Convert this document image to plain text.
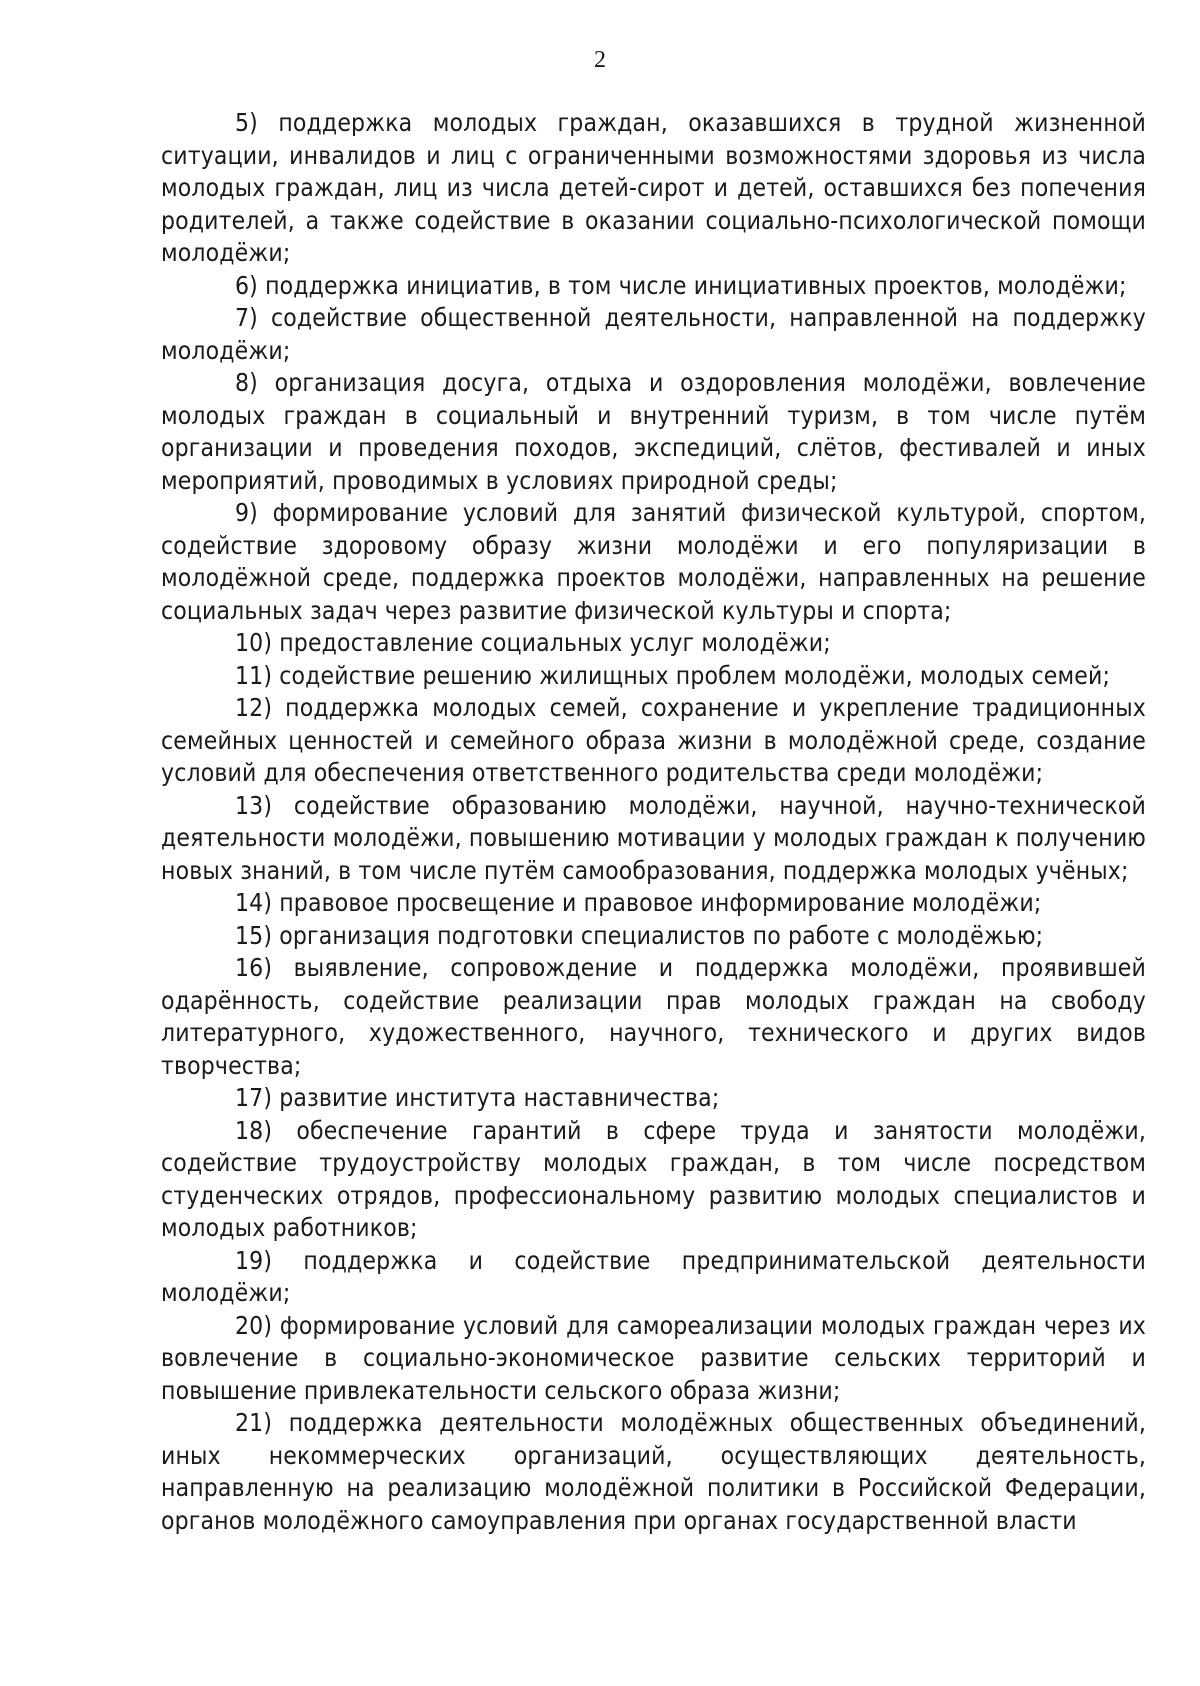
2

5) поддержка молодых граждан, оказавшихся в трудной жизненной ситуации, инвалидов и лиц с ограниченными возможностями здоровья из числа молодых граждан, лиц из числа детей-сирот и детей, оставшихся без попечения родителей, а также содействие в оказании социально-психологической помощи молодёжи;

6) поддержка инициатив, в том числе инициативных проектов, молодёжи;

7) содействие общественной деятельности, направленной на поддержку молодёжи;

8) организация досуга, отдыха и оздоровления молодёжи, вовлечение молодых граждан в социальный и внутренний туризм, в том числе путём организации и проведения походов, экспедиций, слётов, фестивалей и иных мероприятий, проводимых в условиях природной среды;

9) формирование условий для занятий физической культурой, спортом, содействие здоровому образу жизни молодёжи и его популяризации в молодёжной среде, поддержка проектов молодёжи, направленных на решение социальных задач через развитие физической культуры и спорта;

10) предоставление социальных услуг молодёжи;

11) содействие решению жилищных проблем молодёжи, молодых семей;

12) поддержка молодых семей, сохранение и укрепление традиционных семейных ценностей и семейного образа жизни в молодёжной среде, создание условий для обеспечения ответственного родительства среди молодёжи;

13) содействие образованию молодёжи, научной, научно-технической деятельности молодёжи, повышению мотивации у молодых граждан к получению новых знаний, в том числе путём самообразования, поддержка молодых учёных;

14) правовое просвещение и правовое информирование молодёжи;

15) организация подготовки специалистов по работе с молодёжью;

16) выявление, сопровождение и поддержка молодёжи, проявившей одарённость, содействие реализации прав молодых граждан на свободу литературного, художественного, научного, технического и других видов творчества;

17) развитие института наставничества;

18) обеспечение гарантий в сфере труда и занятости молодёжи, содействие трудоустройству молодых граждан, в том числе посредством студенческих отрядов, профессиональному развитию молодых специалистов и молодых работников;

19) поддержка и содействие предпринимательской деятельности молодёжи;

20) формирование условий для самореализации молодых граждан через их вовлечение в социально-экономическое развитие сельских территорий и повышение привлекательности сельского образа жизни;

21) поддержка деятельности молодёжных общественных объединений, иных некоммерческих организаций, осуществляющих деятельность, направленную на реализацию молодёжной политики в Российской Федерации, органов молодёжного самоуправления при органах государственной власти
